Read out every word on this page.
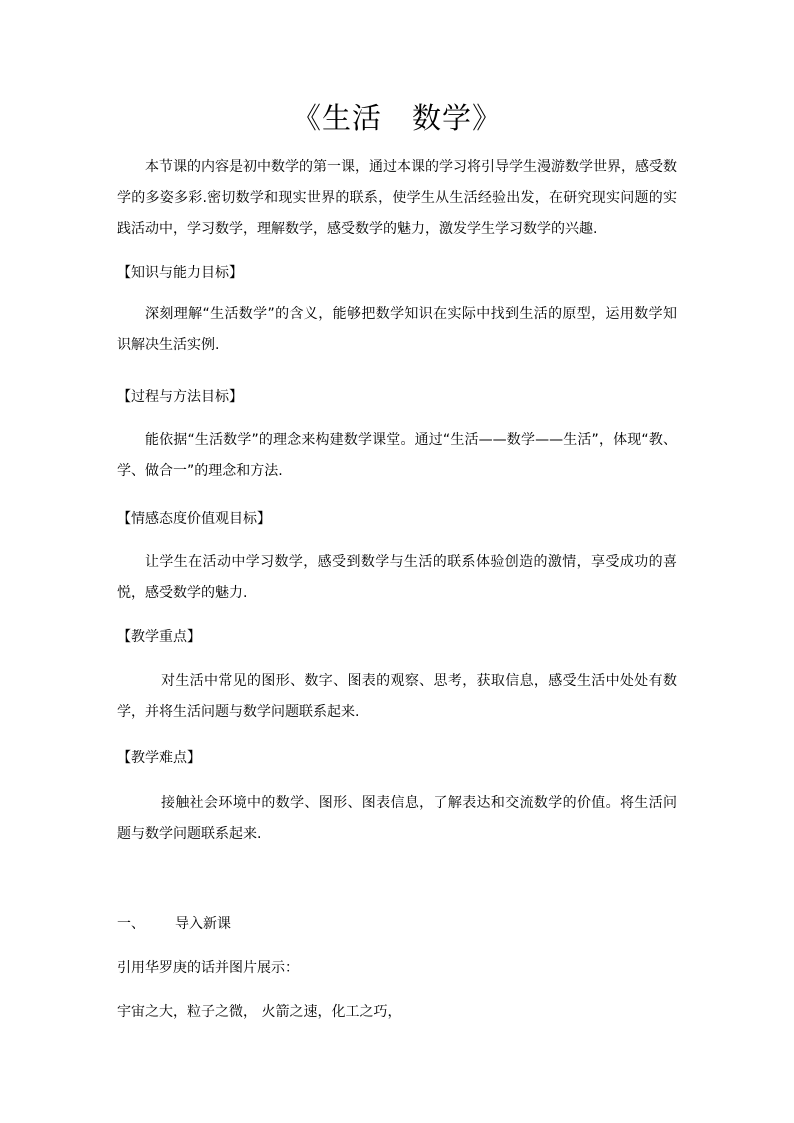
《生活　数学》
本节课的内容是初中数学的第一课，通过本课的学习将引导学生漫游数学世界，感受数学的多姿多彩.密切数学和现实世界的联系，使学生从生活经验出发，在研究现实问题的实践活动中，学习数学，理解数学，感受数学的魅力，激发学生学习数学的兴趣.
【知识与能力目标】
深刻理解“生活数学”的含义，能够把数学知识在实际中找到生活的原型，运用数学知识解决生活实例.
【过程与方法目标】
能依据“生活数学”的理念来构建数学课堂。通过“生活——数学——生活”，体现“教、学、做合一”的理念和方法.
【情感态度价值观目标】
让学生在活动中学习数学，感受到数学与生活的联系体验创造的激情，享受成功的喜悦，感受数学的魅力.
【教学重点】
对生活中常见的图形、数字、图表的观察、思考，获取信息，感受生活中处处有数学，并将生活问题与数学问题联系起来.
【教学难点】
接触社会环境中的数学、图形、图表信息，了解表达和交流数学的价值。将生活问题与数学问题联系起来.
一、 导入新课
引用华罗庚的话并图片展示：
宇宙之大，粒子之微， 火箭之速，化工之巧，
